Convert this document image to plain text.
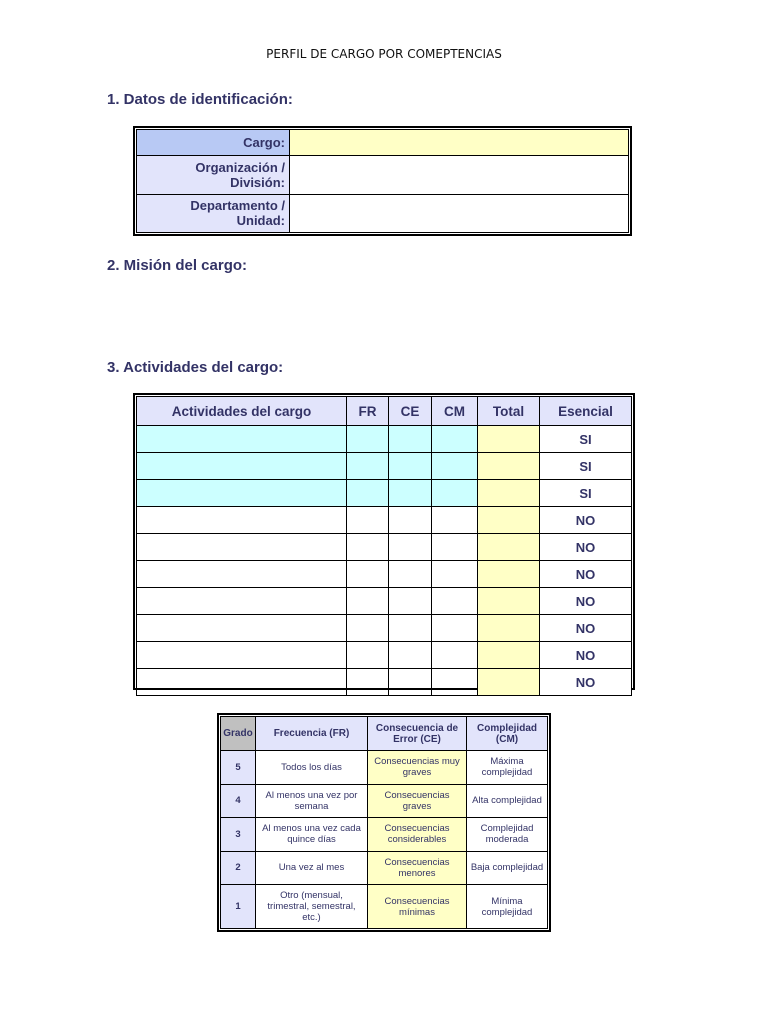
PERFIL DE CARGO POR COMEPTENCIAS
1. Datos de identificación:
Cargo:	
Organización / División:	
Departamento / Unidad:	
2. Misión del cargo:
3. Actividades del cargo:
Actividades del cargo	FR	CE	CM	Total	Esencial
					SI
					SI
					SI
					NO
					NO
					NO
					NO
					NO
					NO
					NO
Grado	Frecuencia (FR)	Consecuencia de Error (CE)	Complejidad (CM)
5	Todos los días	Consecuencias muy graves	Máxima complejidad
4	Al menos una vez por semana	Consecuencias graves	Alta complejidad
3	Al menos una vez cada quince días	Consecuencias considerables	Complejidad moderada
2	Una vez al mes	Consecuencias menores	Baja complejidad
1	Otro (mensual, trimestral, semestral, etc.)	Consecuencias mínimas	Mínima complejidad
